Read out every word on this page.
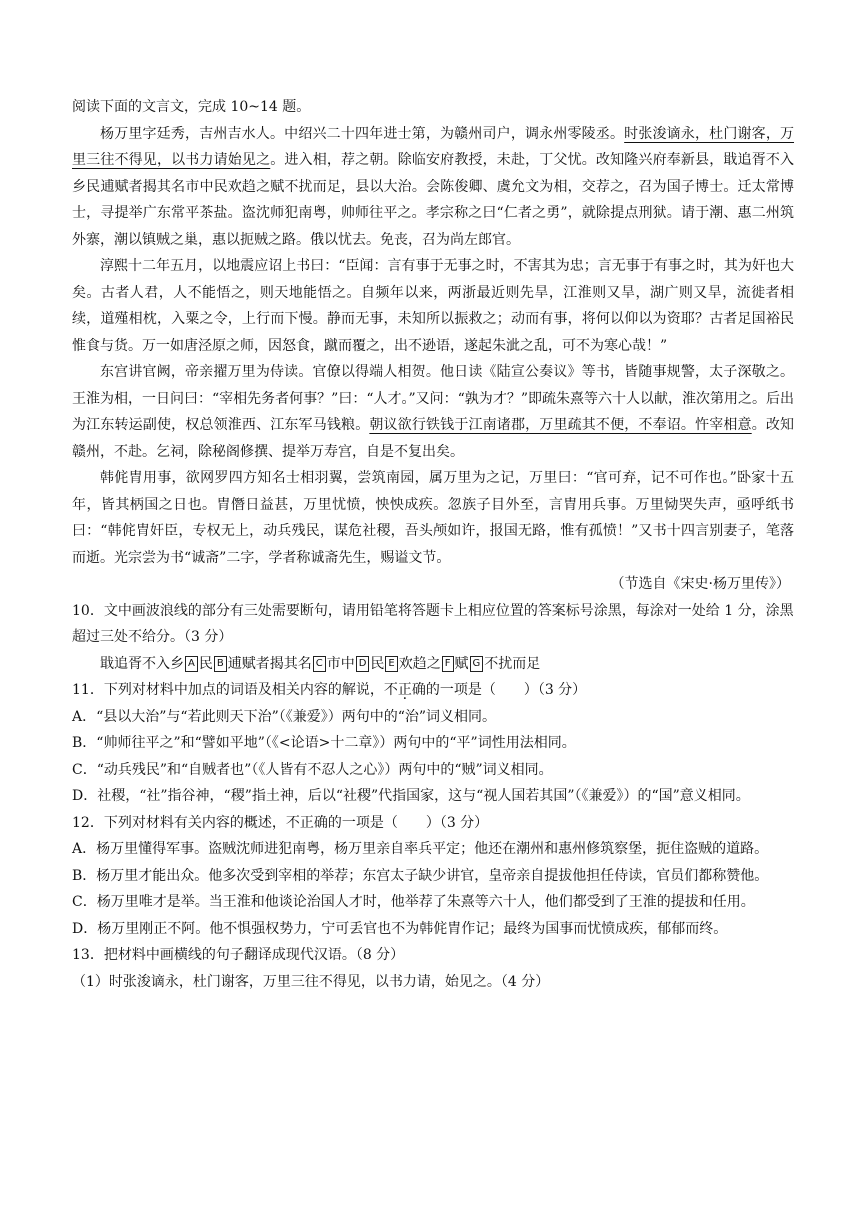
阅读下面的文言文，完成 10~14 题。

杨万里字廷秀，吉州吉水人。中绍兴二十四年进士第，为赣州司户，调永州零陵丞。时张浚谪永，杜门谢客，万里三往不得见，以书力请始见之。进入相，荐之朝。除临安府教授，未赴，丁父忧。改知隆兴府奉新县，戢追胥不入乡民逋赋者揭其名市中民欢趋之赋不扰而足，县以大治。会陈俊卿、虞允文为相，交荐之，召为国子博士。迁太常博士，寻提举广东常平茶盐。盗沈师犯南粤，帅师往平之。孝宗称之曰“仁者之勇”，就除提点刑狱。请于潮、惠二州筑外寨，潮以镇贼之巢，惠以扼贼之路。俄以忧去。免丧，召为尚左郎官。

淳熙十二年五月，以地震应诏上书曰：“臣闻：言有事于无事之时，不害其为忠；言无事于有事之时，其为奸也大矣。古者人君，人不能悟之，则天地能悟之。自频年以来，两浙最近则先旱，江淮则又旱，湖广则又旱，流徙者相续，道殣相枕，入粟之令，上行而下慢。静而无事，未知所以振救之；动而有事，将何以仰以为资耶？古者足国裕民惟食与货。万一如唐泾原之师，因怒食，蹴而覆之，出不逊语，遂起朱泚之乱，可不为寒心哉！”

东宫讲官阙，帝亲擢万里为侍读。官僚以得端人相贺。他日读《陆宣公奏议》等书，皆随事规警，太子深敬之。王淮为相，一日问曰：“宰相先务者何事？”曰：“人才。”又问：“孰为才？”即疏朱熹等六十人以献，淮次第用之。后出为江东转运副使，权总领淮西、江东军马钱粮。朝议欲行铁钱于江南诸郡，万里疏其不便，不奉诏。忤宰相意。改知赣州，不赴。乞祠，除秘阁修撰、提举万寿宫，自是不复出矣。

韩侂胄用事，欲网罗四方知名士相羽翼，尝筑南园，属万里为之记，万里曰：“官可弃，记不可作也。”卧家十五年，皆其柄国之日也。胄僭日益甚，万里忧愤，怏怏成疾。忽族子目外至，言胄用兵事。万里恸哭失声，亟呼纸书曰：“韩侂胄奸臣，专权无上，动兵残民，谋危社稷，吾头颅如许，报国无路，惟有孤愤！”又书十四言别妻子，笔落而逝。光宗尝为书“诚斋”二字，学者称诚斋先生，赐谥文节。

（节选自《宋史·杨万里传》）

10．文中画波浪线的部分有三处需要断句，请用铅笔将答题卡上相应位置的答案标号涂黑，每涂对一处给 1 分，涂黑超过三处不给分。（3 分）

戢追胥不入乡 A 民 B 逋赋者揭其名 C 市中 D 民 E 欢趋之 F 赋 G 不扰而足

11．下列对材料中加点的词语及相关内容的解说，不正确的一项是（　　）（3 分）

A．“县以大治”与“若此则天下治”（《兼爱》）两句中的“治”词义相同。

B．“帅师往平之”和“譬如平地”（《<论语>十二章》）两句中的“平”词性用法相同。

C．“动兵残民”和“自贼者也”（《人皆有不忍人之心》）两句中的“贼”词义相同。

D．社稷，“社”指谷神，“稷”指土神，后以“社稷”代指国家，这与“视人国若其国”（《兼爱》）的“国”意义相同。

12．下列对材料有关内容的概述，不正确的一项是（　　）（3 分）

A．杨万里懂得军事。盗贼沈师进犯南粤，杨万里亲自率兵平定；他还在潮州和惠州修筑察堡，扼住盗贼的道路。

B．杨万里才能出众。他多次受到宰相的举荐；东宫太子缺少讲官，皇帝亲自提拔他担任侍读，官员们都称赞他。

C．杨万里唯才是举。当王淮和他谈论治国人才时，他举荐了朱熹等六十人，他们都受到了王淮的提拔和任用。

D．杨万里刚正不阿。他不惧强权势力，宁可丢官也不为韩侂胄作记；最终为国事而忧愤成疾，郁郁而终。

13．把材料中画横线的句子翻译成现代汉语。（8 分）

（1）时张浚谪永，杜门谢客，万里三往不得见，以书力请，始见之。（4 分）
